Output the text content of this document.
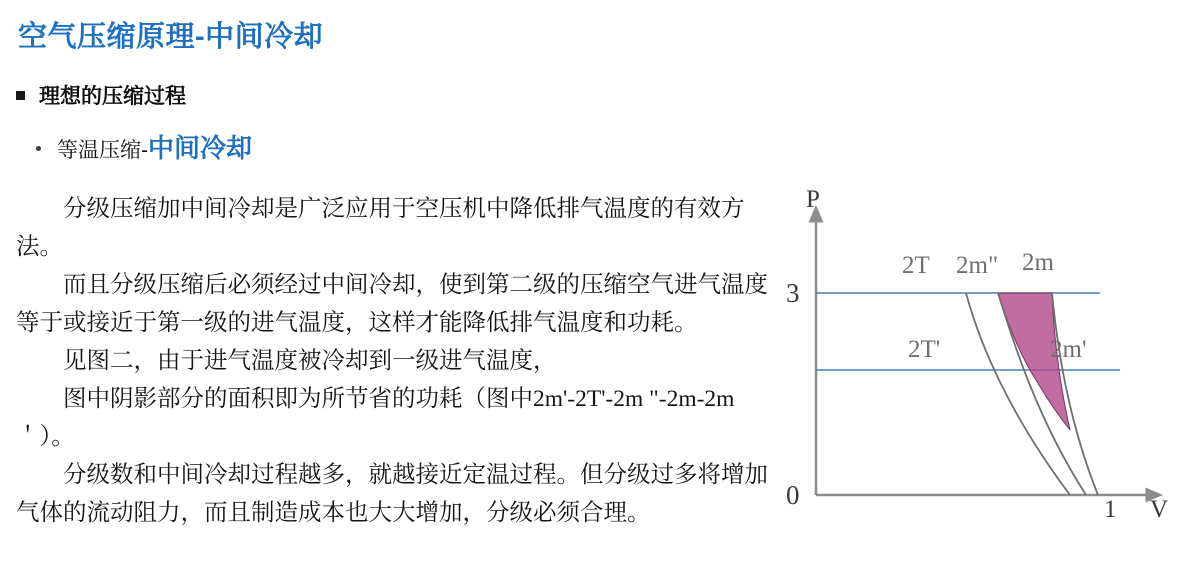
空气压缩原理-中间冷却
理想的压缩过程
等温压缩-中间冷却

分级压缩加中间冷却是广泛应用于空压机中降低排气温度的有效方法。

而且分级压缩后必须经过中间冷却，使到第二级的压缩空气进气温度等于或接近于第一级的进气温度，这样才能降低排气温度和功耗。

见图二，由于进气温度被冷却到一级进气温度，

图中阴影部分的面积即为所节省的功耗（图中2m'-2T'-2m "-2m-2m ＇）。

分级数和中间冷却过程越多，就越接近定温过程。但分级过多将增加气体的流动阻力，而且制造成本也大大增加，分级必须合理。

3
0	1
P
V
2T 2m" 2m
2T'	2m'
